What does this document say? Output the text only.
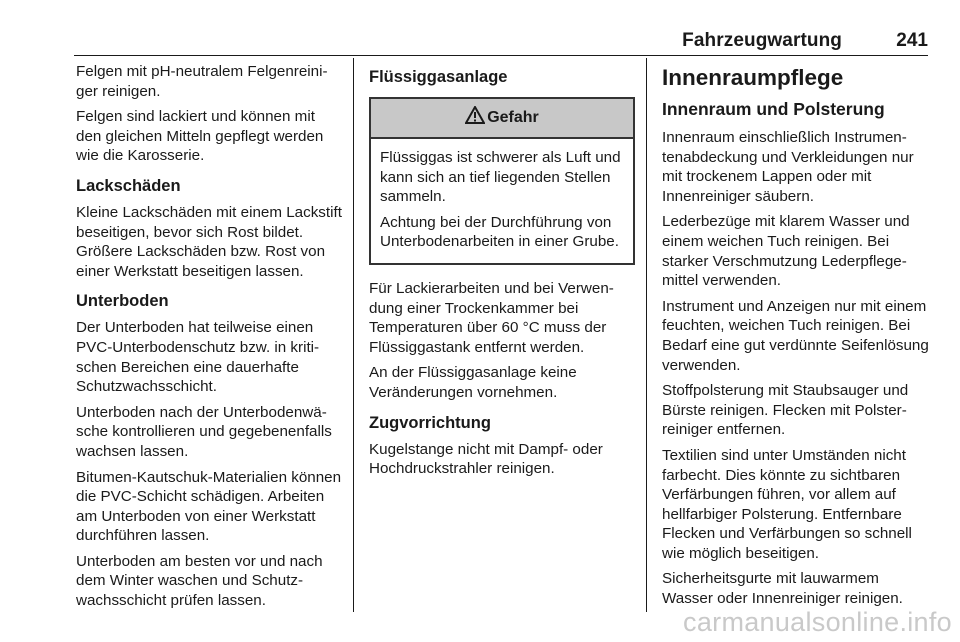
Fahrzeugwartung	241

Felgen mit pH-neutralem Felgenreiniger reinigen.

Felgen sind lackiert und können mit den gleichen Mitteln gepflegt werden wie die Karosserie.

Lackschäden

Kleine Lackschäden mit einem Lackstift beseitigen, bevor sich Rost bildet. Größere Lackschäden bzw. Rost von einer Werkstatt beseitigen lassen.

Unterboden

Der Unterboden hat teilweise einen PVC-Unterbodenschutz bzw. in kritischen Bereichen eine dauerhafte Schutzwachsschicht.

Unterboden nach der Unterbodenwäsche kontrollieren und gegebenenfalls wachsen lassen.

Bitumen-Kautschuk-Materialien können die PVC-Schicht schädigen. Arbeiten am Unterboden von einer Werkstatt durchführen lassen.

Unterboden am besten vor und nach dem Winter waschen und Schutzwachsschicht prüfen lassen.

Flüssiggasanlage
Gefahr

Flüssiggas ist schwerer als Luft und kann sich an tief liegenden Stellen sammeln.

Achtung bei der Durchführung von Unterbodenarbeiten in einer Grube.

Für Lackierarbeiten und bei Verwendung einer Trockenkammer bei Temperaturen über 60 °C muss der Flüssiggastank entfernt werden.

An der Flüssiggasanlage keine Veränderungen vornehmen.

Zugvorrichtung

Kugelstange nicht mit Dampf- oder Hochdruckstrahler reinigen.

Innenraumpflege
Innenraum und Polsterung

Innenraum einschließlich Instrumentenabdeckung und Verkleidungen nur mit trockenem Lappen oder mit Innenreiniger säubern.

Lederbezüge mit klarem Wasser und einem weichen Tuch reinigen. Bei starker Verschmutzung Lederpflegemittel verwenden.

Instrument und Anzeigen nur mit einem feuchten, weichen Tuch reinigen. Bei Bedarf eine gut verdünnte Seifenlösung verwenden.

Stoffpolsterung mit Staubsauger und Bürste reinigen. Flecken mit Polsterreiniger entfernen.

Textilien sind unter Umständen nicht farbecht. Dies könnte zu sichtbaren Verfärbungen führen, vor allem auf hellfarbiger Polsterung. Entfernbare Flecken und Verfärbungen so schnell wie möglich beseitigen.

Sicherheitsgurte mit lauwarmem Wasser oder Innenreiniger reinigen.

carmanualsonline.info
